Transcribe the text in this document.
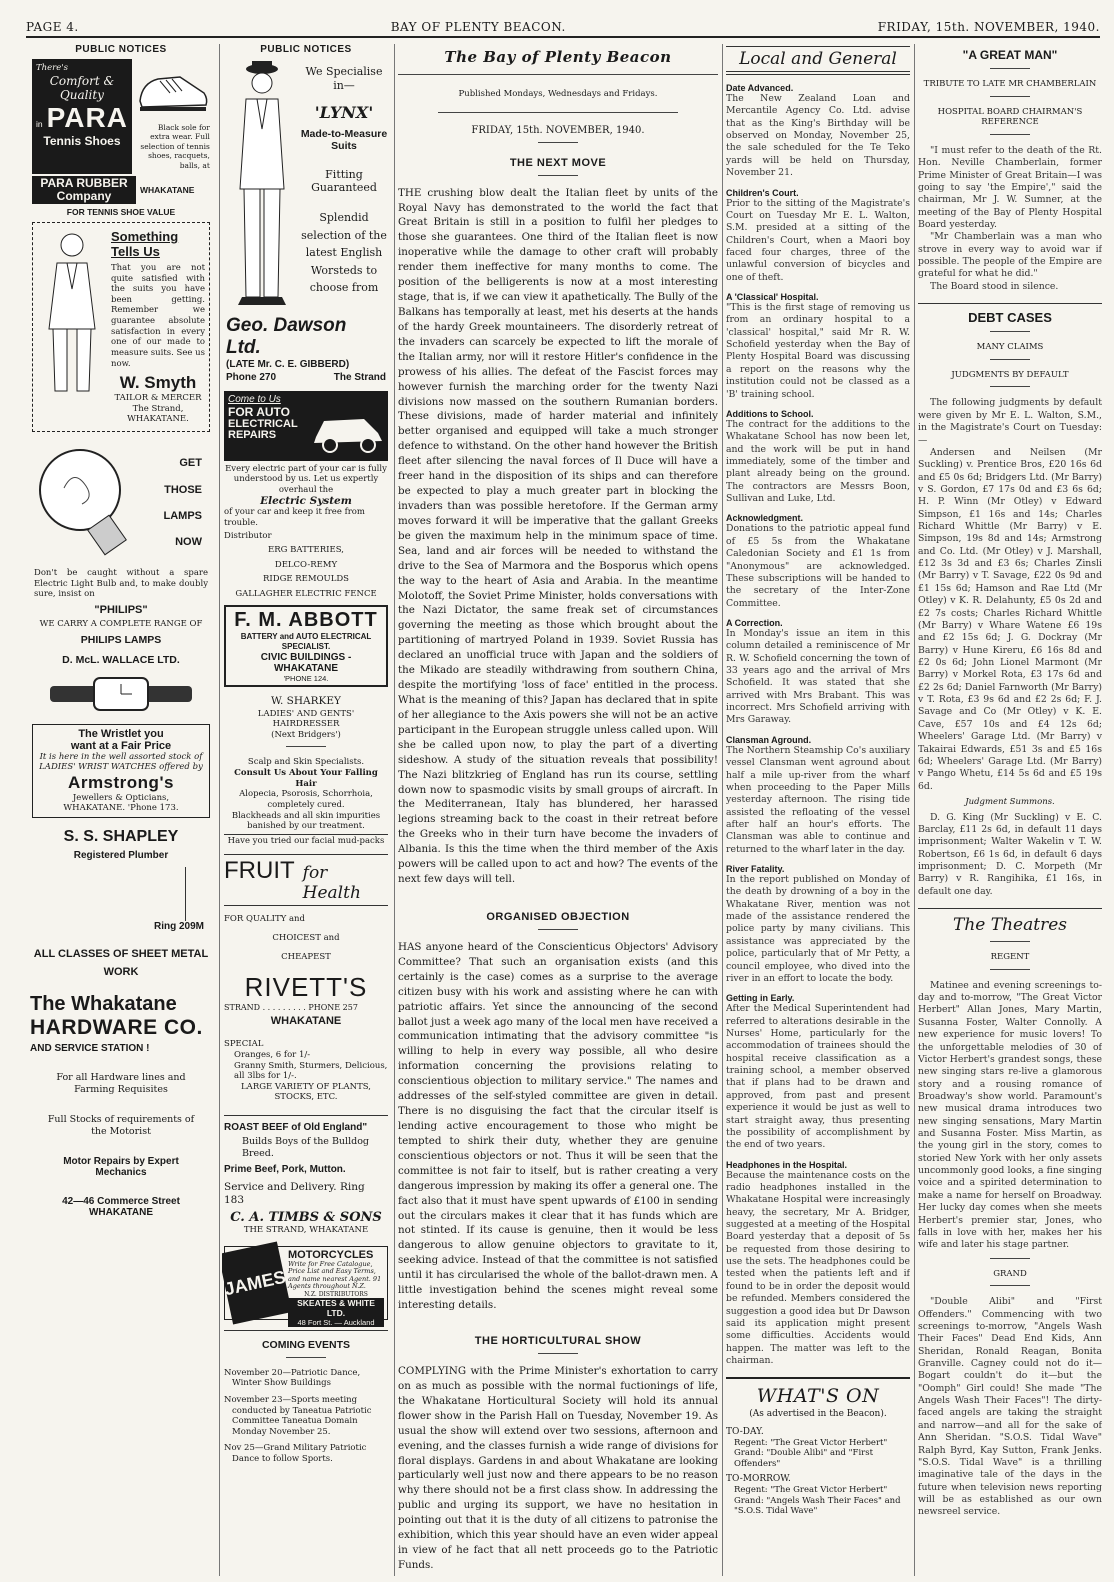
PAGE 4.	BAY OF PLENTY BEACON.	FRIDAY, 15th. NOVEMBER, 1940.
PUBLIC NOTICES
There's
Comfort & Quality
in PARA
Tennis Shoes
Black sole for extra wear. Full selection of tennis shoes, racquets, balls, at
PARA RUBBER Company	WHAKATANE
FOR TENNIS SHOE VALUE
Something
Tells Us
That you are not quite satisfied with the suits you have been getting. Remember we guarantee absolute satisfaction in every one of our made to measure suits. See us now.
W. Smyth
TAILOR & MERCER
The Strand,
WHAKATANE.
GET
THOSE
LAMPS
NOW
Don't be caught without a spare Electric Light Bulb and, to make doubly sure, insist on
"PHILIPS"
WE CARRY A COMPLETE RANGE OF
PHILIPS LAMPS
D. McL. WALLACE LTD.
The Wristlet you
want at a Fair Price
It is here in the well assorted stock of LADIES' WRIST WATCHES offered by
Armstrong's
Jewellers & Opticians,
WHAKATANE. 'Phone 173.
S. S. SHAPLEY
Registered Plumber
Ring 209M
ALL CLASSES OF SHEET METAL WORK
The Whakatane
HARDWARE CO.
AND SERVICE STATION !
For all Hardware lines and Farming Requisites
Full Stocks of requirements of the Motorist
Motor Repairs by Expert Mechanics
42—46 Commerce Street
WHAKATANE
PUBLIC NOTICES
We Specialise in—
'LYNX'
Made-to-Measure Suits
Fitting Guaranteed
Splendid selection of the latest English Worsteds to choose from
Geo. Dawson Ltd.
(LATE Mr. C. E. GIBBERD)
Phone 270	The Strand
Come to Us
FOR AUTO
ELECTRICAL REPAIRS
Every electric part of your car is fully understood by us. Let us expertly overhaul the
Electric System
of your car and keep it free from trouble.
Distributor
ERG BATTERIES,
DELCO-REMY
RIDGE REMOULDS
GALLAGHER ELECTRIC FENCE
F. M. ABBOTT
BATTERY and AUTO ELECTRICAL SPECIALIST.
CIVIC BUILDINGS - WHAKATANE
'PHONE 124.
W. SHARKEY
LADIES' AND GENTS' HAIRDRESSER
(Next Bridgers')
Scalp and Skin Specialists.
Consult Us About Your Falling Hair
Alopecia, Psorosis, Schorrhoia, completely cured.
Blackheads and all skin impurities banished by our treatment.
Have you tried our facial mud-packs
FRUIT for Health
FOR QUALITY and
CHOICEST and
CHEAPEST
RIVETT'S
STRAND . . . . . . . . . PHONE 257
WHAKATANE
SPECIAL
Oranges, 6 for 1/-
Granny Smith, Sturmers, Delicious, all 3lbs for 1/-.
LARGE VARIETY OF PLANTS, STOCKS, ETC.
ROAST BEEF of Old England"
Builds Boys of the Bulldog Breed.
Prime Beef, Pork, Mutton.
Service and Delivery. Ring 183
C. A. TIMBS & SONS
THE STRAND, WHAKATANE
JAMES
MOTORCYCLES
Write for Free Catalogue, Price List and Easy Terms, and name nearest Agent. 91 Agents throughout N.Z.
N.Z. DISTRIBUTORS
SKEATES & WHITE LTD.
48 Fort St. — Auckland
COMING EVENTS
November 20—Patriotic Dance, Winter Show Buildings
November 23—Sports meeting conducted by Taneatua Patriotic Committee Taneatua Domain Monday November 25.
Nov 25—Grand Military Patriotic Dance to follow Sports.
The Bay of Plenty Beacon
Published Mondays, Wednesdays and Fridays.
FRIDAY, 15th. NOVEMBER, 1940.
THE NEXT MOVE
THE crushing blow dealt the Italian fleet by units of the Royal Navy has demonstrated to the world the fact that Great Britain is still in a position to fulfil her pledges to those she guarantees. One third of the Italian fleet is now inoperative while the damage to other craft will probably render them ineffective for many months to come. The position of the belligerents is now at a most interesting stage, that is, if we can view it apathetically. The Bully of the Balkans has temporally at least, met his deserts at the hands of the hardy Greek mountaineers. The disorderly retreat of the invaders can scarcely be expected to lift the morale of the Italian army, nor will it restore Hitler's confidence in the prowess of his allies. The defeat of the Fascist forces may however furnish the marching order for the twenty Nazi divisions now massed on the southern Rumanian borders. These divisions, made of harder material and infinitely better organised and equipped will take a much stronger defence to withstand. On the other hand however the British fleet after silencing the naval forces of Il Duce will have a freer hand in the disposition of its ships and can therefore be expected to play a much greater part in blocking the invaders than was possible heretofore. If the German army moves forward it will be imperative that the gallant Greeks be given the maximum help in the minimum space of time. Sea, land and air forces will be needed to withstand the drive to the Sea of Marmora and the Bosporus which opens the way to the heart of Asia and Arabia. In the meantime Molotoff, the Soviet Prime Minister, holds conversations with the Nazi Dictator, the same freak set of circumstances governing the meeting as those which brought about the partitioning of martryed Poland in 1939. Soviet Russia has declared an unofficial truce with Japan and the soldiers of the Mikado are steadily withdrawing from southern China, despite the mortifying 'loss of face' entitled in the process. What is the meaning of this? Japan has declared that in spite of her allegiance to the Axis powers she will not be an active participant in the European struggle unless called upon. Will she be called upon now, to play the part of a diverting sideshow. A study of the situation reveals that possibility! The Nazi blitzkrieg of England has run its course, settling down now to spasmodic visits by small groups of aircraft. In the Mediterranean, Italy has blundered, her harassed legions streaming back to the coast in their retreat before the Greeks who in their turn have become the invaders of Albania. Is this the time when the third member of the Axis powers will be called upon to act and how? The events of the next few days will tell.
ORGANISED OBJECTION
HAS anyone heard of the Conscienticus Objectors' Advisory Committee? That such an organisation exists (and this certainly is the case) comes as a surprise to the average citizen busy with his work and assisting where he can with patriotic affairs. Yet since the announcing of the second ballot just a week ago many of the local men have received a communication intimating that the advisory committee "is willing to help in every way possible, all who desire information concerning the provisions relating to conscientious objection to military service." The names and addresses of the self-styled committee are given in detail. There is no disguising the fact that the circular itself is lending active encouragement to those who might be tempted to shirk their duty, whether they are genuine conscientious objectors or not. Thus it will be seen that the committee is not fair to itself, but is rather creating a very dangerous impression by making its offer a general one. The fact also that it must have spent upwards of £100 in sending out the circulars makes it clear that it has funds which are not stinted. If its cause is genuine, then it would be less dangerous to allow genuine objectors to gravitate to it, seeking advice. Instead of that the committee is not satisfied until it has circularised the whole of the ballot-drawn men. A little investigation behind the scenes might reveal some interesting details.
THE HORTICULTURAL SHOW
COMPLYING with the Prime Minister's exhortation to carry on as much as possible with the normal fuctionings of life, the Whakatane Horticultural Society will hold its annual flower show in the Parish Hall on Tuesday, November 19. As usual the show will extend over two sessions, afternoon and evening, and the classes furnish a wide range of divisions for floral displays. Gardens in and about Whakatane are looking particularly well just now and there appears to be no reason why there should not be a first class show. In addressing the public and urging its support, we have no hesitation in pointing out that it is the duty of all citizens to patronise the exhibition, which this year should have an even wider appeal in view of he fact that all nett proceeds go to the Patriotic Funds.
Local and General
Date Advanced.
The New Zealand Loan and Mercantile Agency Co. Ltd. advise that as the King's Birthday will be observed on Monday, November 25, the sale scheduled for the Te Teko yards will be held on Thursday, November 21.
Children's Court.
Prior to the sitting of the Magistrate's Court on Tuesday Mr E. L. Walton, S.M. presided at a sitting of the Children's Court, when a Maori boy faced four charges, three of the unlawful conversion of bicycles and one of theft.
A 'Classical' Hospital.
"This is the first stage of removing us from an ordinary hospital to a 'classical' hospital," said Mr R. W. Schofield yesterday when the Bay of Plenty Hospital Board was discussing a report on the reasons why the institution could not be classed as a 'B' training school.
Additions to School.
The contract for the additions to the Whakatane School has now been let, and the work will be put in hand immediately, some of the timber and plant already being on the ground. The contractors are Messrs Boon, Sullivan and Luke, Ltd.
Acknowledgment.
Donations to the patriotic appeal fund of £5 5s from the Whakatane Caledonian Society and £1 1s from "Anonymous" are acknowledged. These subscriptions will be handed to the secretary of the Inter-Zone Committee.
A Correction.
In Monday's issue an item in this column detailed a reminiscence of Mr R. W. Schofield concerning the town of 33 years ago and the arrival of Mrs Schofield. It was stated that she arrived with Mrs Brabant. This was incorrect. Mrs Schofield arriving with Mrs Garaway.
Clansman Aground.
The Northern Steamship Co's auxiliary vessel Clansman went aground about half a mile up-river from the wharf when proceeding to the Paper Mills yesterday afternoon. The rising tide assisted the refloating of the vessel after half an hour's efforts. The Clansman was able to continue and returned to the wharf later in the day.
River Fatality.
In the report published on Monday of the death by drowning of a boy in the Whakatane River, mention was not made of the assistance rendered the police party by many civilians. This assistance was appreciated by the police, particularly that of Mr Petty, a council employee, who dived into the river in an effort to locate the body.
Getting in Early.
After the Medical Superintendent had referred to alterations desirable in the Nurses' Home, particularly for the accommodation of trainees should the hospital receive classification as a training school, a member observed that if plans had to be drawn and approved, from past and present experience it would be just as well to start straight away, thus presenting the possibility of accomplishment by the end of two years.
Headphones in the Hospital.
Because the maintenance costs on the radio headphones installed in the Whakatane Hospital were increasingly heavy, the secretary, Mr A. Bridger, suggested at a meeting of the Hospital Board yesterday that a deposit of 5s be requested from those desiring to use the sets. The headphones could be tested when the patients left and if found to be in order the deposit would be refunded. Members considered the suggestion a good idea but Dr Dawson said its application might present some difficulties. Accidents would happen. The matter was left to the chairman.
WHAT'S ON
(As advertised in the Beacon).
TO-DAY.
Regent: "The Great Victor Herbert"
Grand: "Double Alibi" and "First Offenders"
TO-MORROW.
Regent: "The Great Victor Herbert"
Grand: "Angels Wash Their Faces" and "S.O.S. Tidal Wave"
"A GREAT MAN"
TRIBUTE TO LATE MR CHAMBERLAIN
HOSPITAL BOARD CHAIRMAN'S REFERENCE
"I must refer to the death of the Rt. Hon. Neville Chamberlain, former Prime Minister of Great Britain—I was going to say 'the Empire'," said the chairman, Mr J. W. Sumner, at the meeting of the Bay of Plenty Hospital Board yesterday.
"Mr Chamberlain was a man who strove in every way to avoid war if possible. The people of the Empire are grateful for what he did."
The Board stood in silence.
DEBT CASES
MANY CLAIMS
JUDGMENTS BY DEFAULT
The following judgments by default were given by Mr E. L. Walton, S.M., in the Magistrate's Court on Tuesday:—
Andersen and Neilsen (Mr Suckling) v. Prentice Bros, £20 16s 6d and £5 0s 6d; Bridgers Ltd. (Mr Barry) v S. Gordon, £7 17s 0d and £3 6s 6d; H. P. Winn (Mr Otley) v Edward Simpson, £1 16s and 14s; Charles Richard Whittle (Mr Barry) v E. Simpson, 19s 8d and 14s; Armstrong and Co. Ltd. (Mr Otley) v J. Marshall, £12 3s 3d and £3 6s; Charles Zinsli (Mr Barry) v T. Savage, £22 0s 9d and £1 15s 6d; Hamson and Rae Ltd (Mr Otley) v K. R. Delahunty, £5 0s 2d and £2 7s costs; Charles Richard Whittle (Mr Barry) v Whare Watene £6 19s and £2 15s 6d; J. G. Dockray (Mr Barry) v Hune Kireru, £6 16s 8d and £2 0s 6d; John Lionel Marmont (Mr Barry) v Morkel Rota, £3 17s 6d and £2 2s 6d; Daniel Farnworth (Mr Barry) v T. Rota, £3 9s 6d and £2 2s 6d; F. J. Savage and Co (Mr Otley) v K. E. Cave, £57 10s and £4 12s 6d; Wheelers' Garage Ltd. (Mr Barry) v Takairai Edwards, £51 3s and £5 16s 6d; Wheelers' Garage Ltd. (Mr Barry) v Pango Whetu, £14 5s 6d and £5 19s 6d.
Judgment Summons.
D. G. King (Mr Suckling) v E. C. Barclay, £11 2s 6d, in default 11 days imprisonment; Walter Wakelin v T. W. Robertson, £6 1s 6d, in default 6 days imprisonment; D. C. Morpeth (Mr Barry) v R. Rangihika, £1 16s, in default one day.
The Theatres
REGENT
Matinee and evening screenings to-day and to-morrow, "The Great Victor Herbert" Allan Jones, Mary Martin, Susanna Foster, Walter Connolly. A new experience for music lovers! To the unforgettable melodies of 30 of Victor Herbert's grandest songs, these new singing stars re-live a glamorous story and a rousing romance of Broadway's show world. Paramount's new musical drama introduces two new singing sensations, Mary Martin and Susanna Foster. Miss Martin, as the young girl in the story, comes to storied New York with her only assets uncommonly good looks, a fine singing voice and a spirited determination to make a name for herself on Broadway. Her lucky day comes when she meets Herbert's premier star, Jones, who falls in love with her, makes her his wife and later his stage partner.
GRAND
"Double Alibi" and "First Offenders." Commencing with two screenings to-morrow, "Angels Wash Their Faces" Dead End Kids, Ann Sheridan, Ronald Reagan, Bonita Granville. Cagney could not do it—Bogart couldn't do it—but the "Oomph" Girl could! She made "The Angels Wash Their Faces"! The dirty-faced angels are taking the straight and narrow—and all for the sake of Ann Sheridan. "S.O.S. Tidal Wave" Ralph Byrd, Kay Sutton, Frank Jenks. "S.O.S. Tidal Wave" is a thrilling imaginative tale of the days in the future when television news reporting will be as established as our own newsreel service.
